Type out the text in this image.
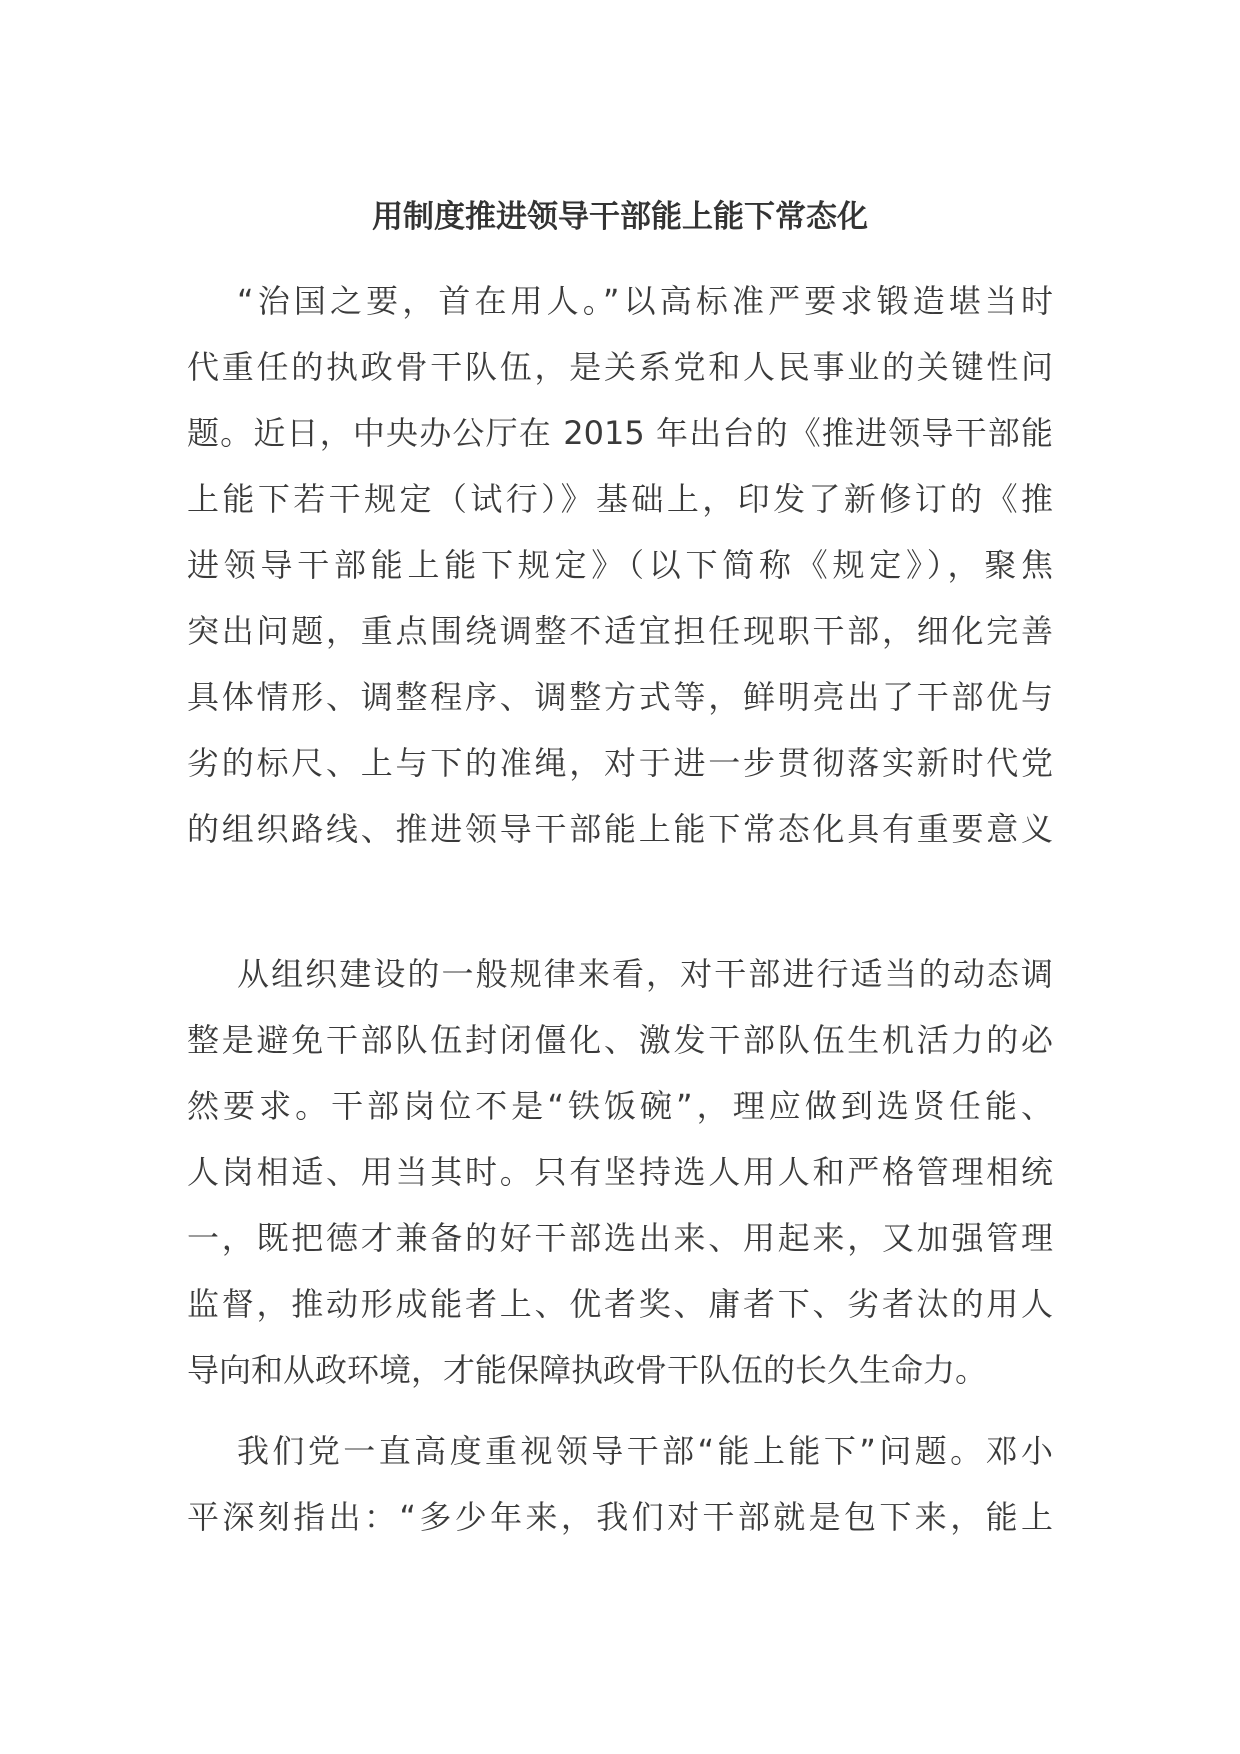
用制度推进领导干部能上能下常态化
“治国之要，首在用人。”以高标准严要求锻造堪当时
代重任的执政骨干队伍，是关系党和人民事业的关键性问
题。近日，中央办公厅在 2015 年出台的《推进领导干部能
上能下若干规定（试行）》基础上，印发了新修订的《推
进领导干部能上能下规定》（以下简称《规定》），聚焦
突出问题，重点围绕调整不适宜担任现职干部，细化完善
具体情形、调整程序、调整方式等，鲜明亮出了干部优与
劣的标尺、上与下的准绳，对于进一步贯彻落实新时代党
的组织路线、推进领导干部能上能下常态化具有重要意义
从组织建设的一般规律来看，对干部进行适当的动态调
整是避免干部队伍封闭僵化、激发干部队伍生机活力的必
然要求。干部岗位不是“铁饭碗”，理应做到选贤任能、
人岗相适、用当其时。只有坚持选人用人和严格管理相统
一，既把德才兼备的好干部选出来、用起来，又加强管理
监督，推动形成能者上、优者奖、庸者下、劣者汰的用人
导向和从政环境，才能保障执政骨干队伍的长久生命力。
我们党一直高度重视领导干部“能上能下”问题。邓小
平深刻指出：“多少年来，我们对干部就是包下来，能上
